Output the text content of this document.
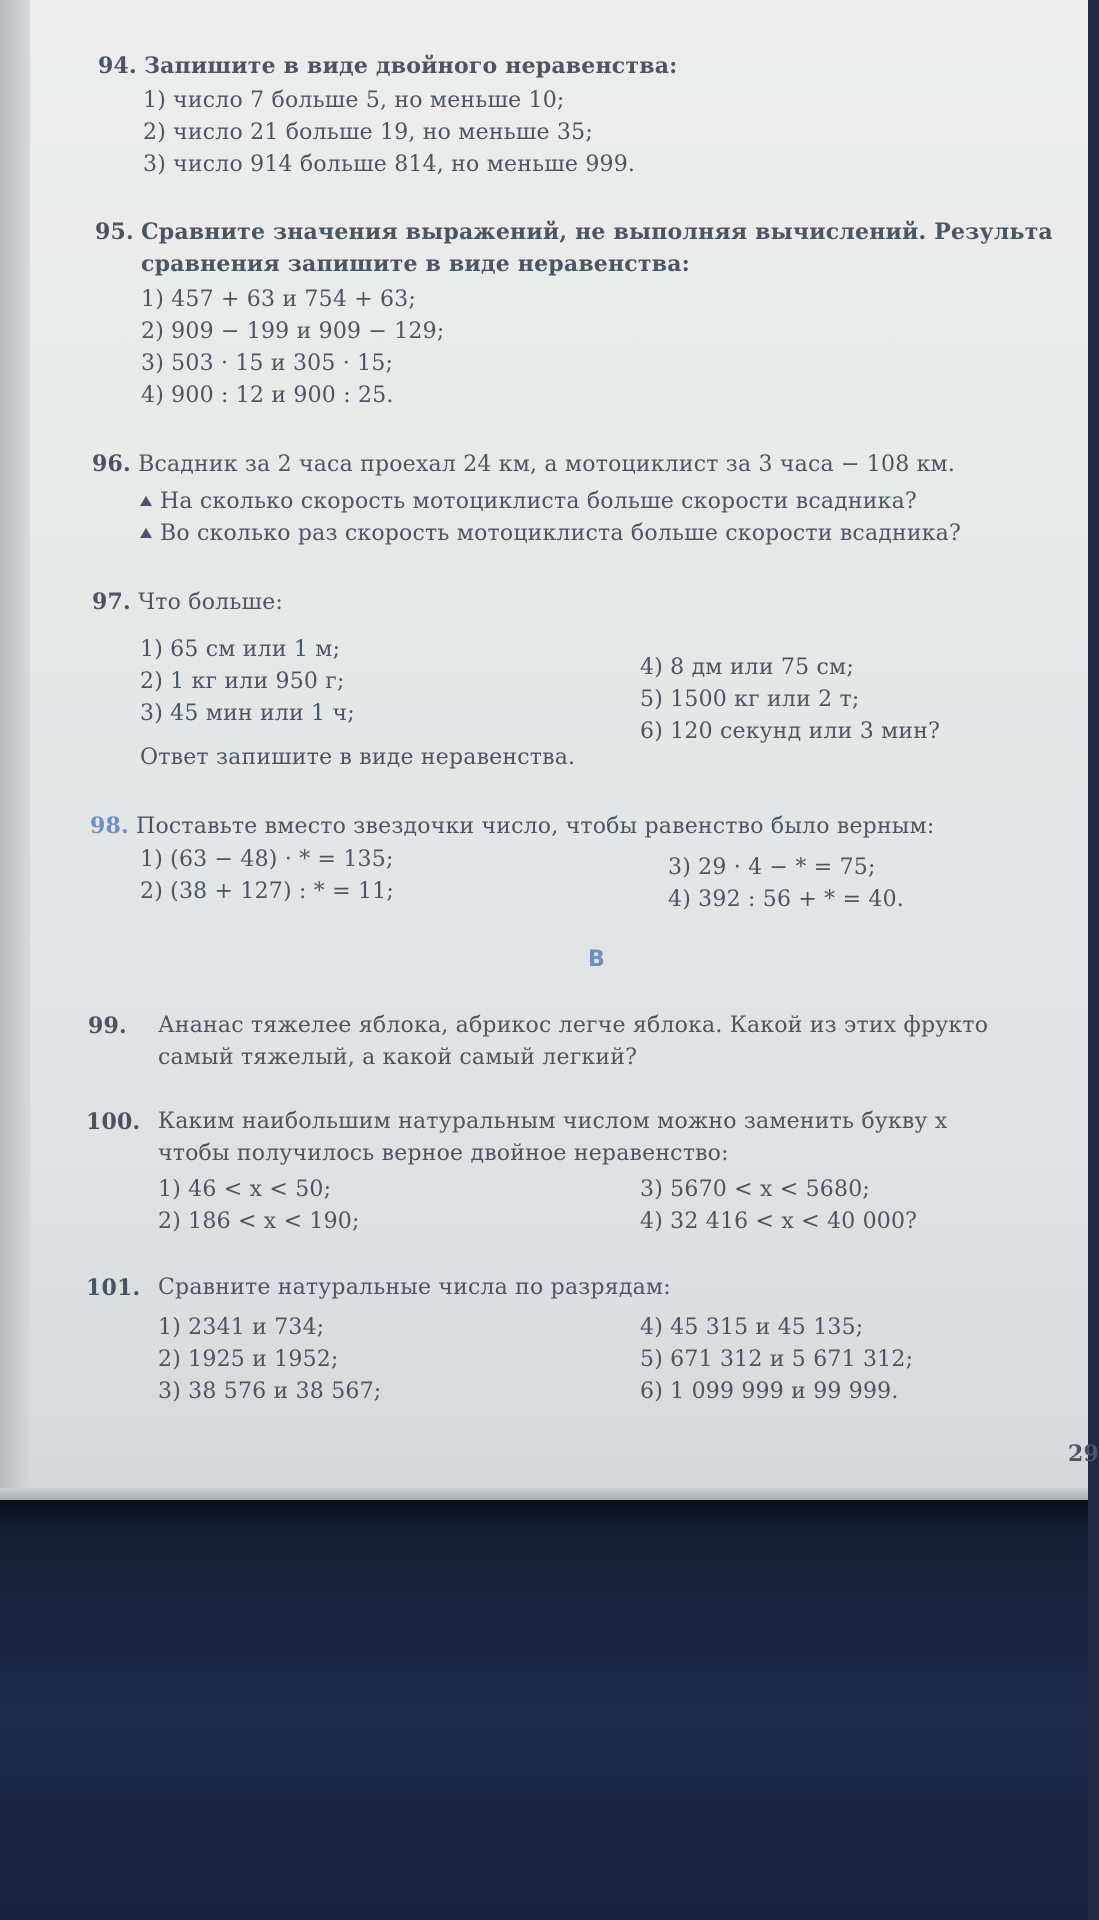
94. Запишите в виде двойного неравенства:
1) число 7 больше 5, но меньше 10;
2) число 21 больше 19, но меньше 35;
3) число 914 больше 814, но меньше 999.
95. Сравните значения выражений, не выполняя вычислений. Результа
сравнения запишите в виде неравенства:
1) 457 + 63 и 754 + 63;
2) 909 − 199 и 909 − 129;
3) 503 · 15 и 305 · 15;
4) 900 : 12 и 900 : 25.
96. Всадник за 2 часа проехал 24 км, а мотоциклист за 3 часа − 108 км.
На сколько скорость мотоциклиста больше скорости всадника?
Во сколько раз скорость мотоциклиста больше скорости всадника?
97. Что больше:
1) 65 см или 1 м;
2) 1 кг или 950 г;
3) 45 мин или 1 ч;
4) 8 дм или 75 см;
5) 1500 кг или 2 т;
6) 120 секунд или 3 мин?
Ответ запишите в виде неравенства.
98. Поставьте вместо звездочки число, чтобы равенство было верным:
1) (63 − 48) · * = 135;
2) (38 + 127) : * = 11;
3) 29 · 4 − * = 75;
4) 392 : 56 + * = 40.
В
99. Ананас тяжелее яблока, абрикос легче яблока. Какой из этих фрукто
самый тяжелый, а какой самый легкий?
100. Каким наибольшим натуральным числом можно заменить букву x
чтобы получилось верное двойное неравенство:
1) 46 < x < 50;
2) 186 < x < 190;
3) 5670 < x < 5680;
4) 32 416 < x < 40 000?
101. Сравните натуральные числа по разрядам:
1) 2341 и 734;
2) 1925 и 1952;
3) 38 576 и 38 567;
4) 45 315 и 45 135;
5) 671 312 и 5 671 312;
6) 1 099 999 и 99 999.
29
